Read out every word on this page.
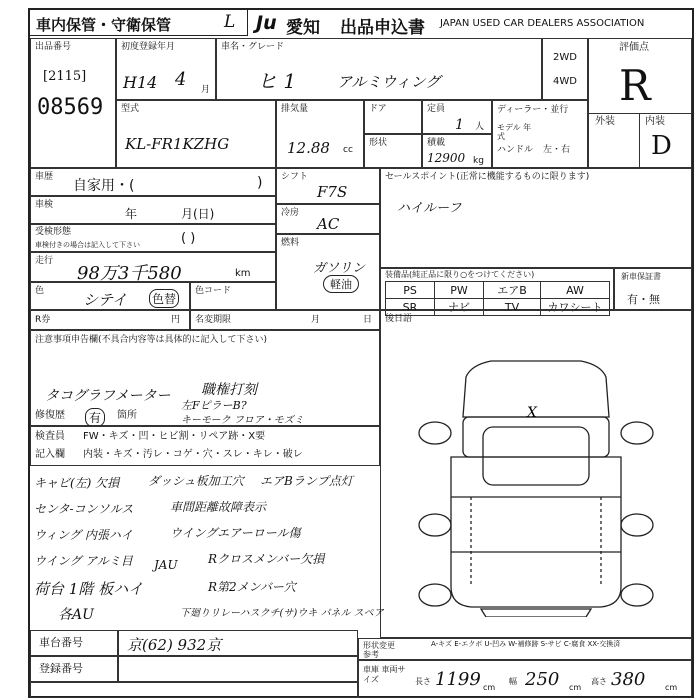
車内保管・守衛保管	L Ju 愛知 出品申込書 JAPAN USED CAR DEALERS ASSOCIATION
出品番号
[2115]
08569
初度登録年月
H14 4 月
車名・グレード
ヒ 1	アルミウィング
2WD
4WD
評価点
R
外装	内装
D
型式
KL-FR1KZHG
排気量
12.88 cc
ドア	定員
1 人
形状	積載
12900 kg
ディーラー・並行
モデル 年式
ハンドル 左・右
車歴
自家用・(	)
車検
年	月(日)
受検形態
車検付きの場合は記入して下さい	( )
走行
98万3千580	km
色	シテイ 色替
色コード
シフト
F7S
冷房
AC
燃料
ガソリン
軽油
セールスポイント(正常に機能するものに限ります)
ハイルーフ
装備品(純正品に限り○をつけてください)
PS	PW	エアB	AW
SR	ナビ	TV	カワシート
新車保証書
有・無
R券	円 名変期限	月	日 後日語
X
A-キズ E-エクボ U-凹み W-補修跡 S-サビ C-腐食 XX-交換済
注意事項申告欄(不具合内容等は具体的に記入して下さい)
タコグラフメーター 職権打刻
左FピラーB?
キーモーク フロア・モズミ
修復歴	有	箇所
検査員
記入欄
FW・キズ・凹・ヒビ割・リペア跡・X要
内装・キズ・汚レ・コゲ・穴・スレ・キレ・破レ
キャビ(左) 欠損 ダッシュ板加工穴 エアBランプ点灯
センタ-コンソルス	車間距離故障表示
ウィング 内張ハイ	ウイングエアーロール傷
ウイング アルミ目 JAU	Rクロスメンバー欠損
荷台 1階 板ハイ	R第2メンバー穴
各AU	下廻りリレーハスクチ(サ)ウキ パネル スペア
車台番号	京(62) 932京
登録番号
形状変更
参考
車庫 車両サイズ	長さ 1199 cm
幅 250 cm
高さ 380 cm
